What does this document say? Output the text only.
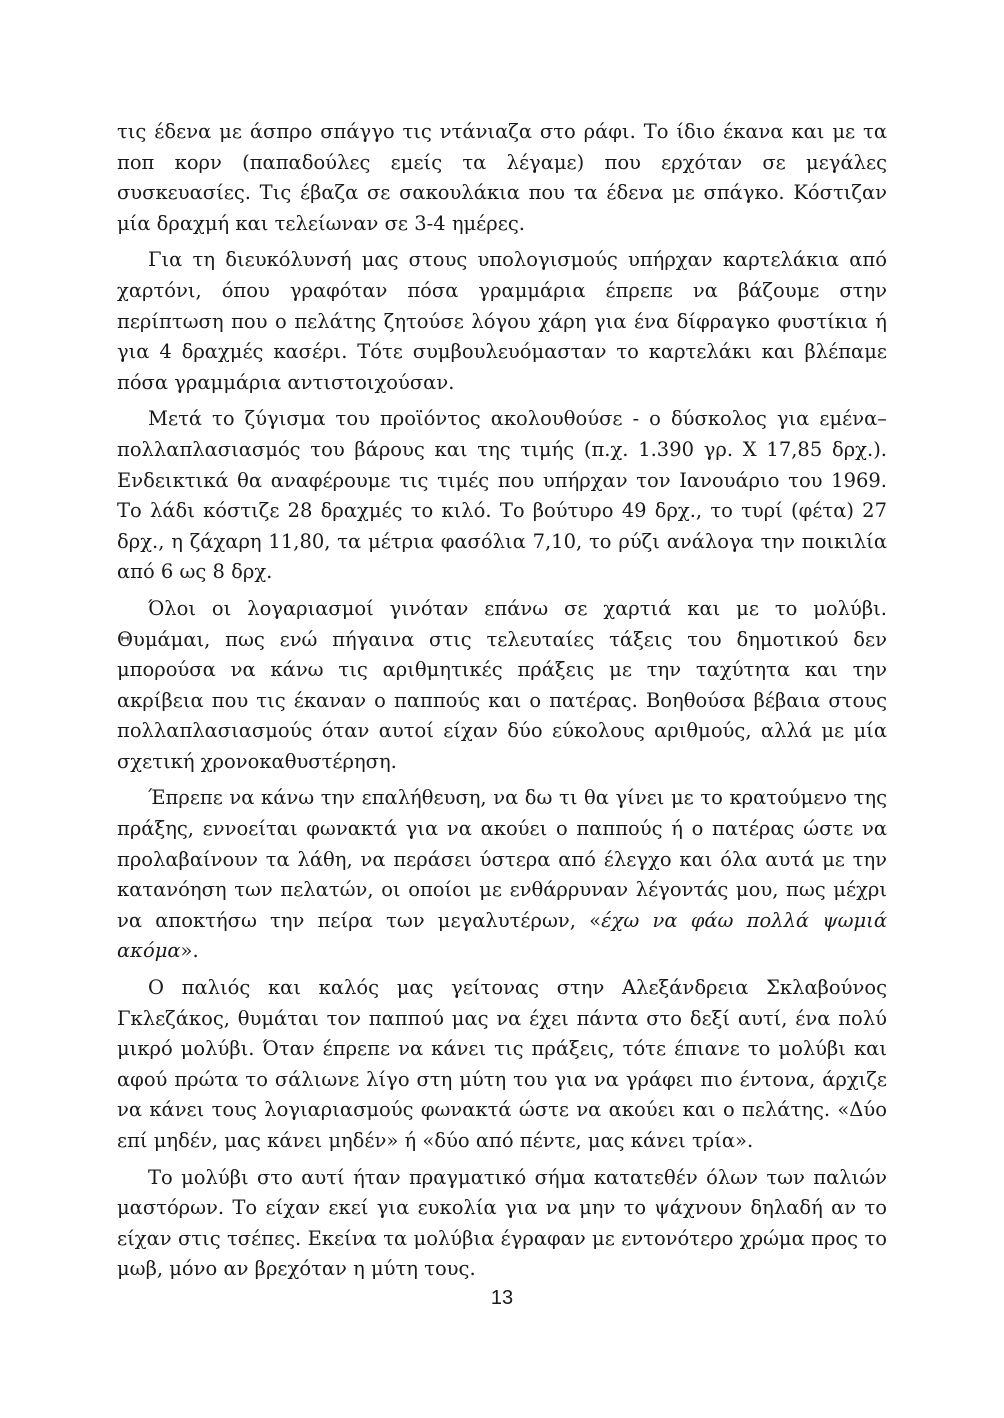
τις έδενα με άσπρο σπάγγο τις ντάνιαζα στο ράφι. Το ίδιο έκανα και με τα ποπ κορν (παπαδούλες εμείς τα λέγαμε) που ερχόταν σε μεγάλες συσκευασίες. Τις έβαζα σε σακουλάκια που τα έδενα με σπάγκο. Κόστιζαν μία δραχμή και τελείωναν σε 3-4 ημέρες.

Για τη διευκόλυνσή μας στους υπολογισμούς υπήρχαν καρτελάκια από χαρτόνι, όπου γραφόταν πόσα γραμμάρια έπρεπε να βάζουμε στην περίπτωση που ο πελάτης ζητούσε λόγου χάρη για ένα δίφραγκο φυστίκια ή για 4 δραχμές κασέρι. Τότε συμβουλευόμασταν το καρτελάκι και βλέπαμε πόσα γραμμάρια αντιστοιχούσαν.

Μετά το ζύγισμα του προϊόντος ακολουθούσε - ο δύσκολος για εμένα– πολλαπλασιασμός του βάρους και της τιμής (π.χ. 1.390 γρ. Χ 17,85 δρχ.). Ενδεικτικά θα αναφέρουμε τις τιμές που υπήρχαν τον Ιανουάριο του 1969. Το λάδι κόστιζε 28 δραχμές το κιλό. Το βούτυρο 49 δρχ., το τυρί (φέτα) 27 δρχ., η ζάχαρη 11,80, τα μέτρια φασόλια 7,10, το ρύζι ανάλογα την ποικιλία από 6 ως 8 δρχ.

Όλοι οι λογαριασμοί γινόταν επάνω σε χαρτιά και με το μολύβι. Θυμάμαι, πως ενώ πήγαινα στις τελευταίες τάξεις του δημοτικού δεν μπορούσα να κάνω τις αριθμητικές πράξεις με την ταχύτητα και την ακρίβεια που τις έκαναν ο παππούς και ο πατέρας. Βοηθούσα βέβαια στους πολλαπλασιασμούς όταν αυτοί είχαν δύο εύκολους αριθμούς, αλλά με μία σχετική χρονοκαθυστέρηση.

Έπρεπε να κάνω την επαλήθευση, να δω τι θα γίνει με το κρατούμενο της πράξης, εννοείται φωνακτά για να ακούει ο παππούς ή ο πατέρας ώστε να προλαβαίνουν τα λάθη, να περάσει ύστερα από έλεγχο και όλα αυτά με την κατανόηση των πελατών, οι οποίοι με ενθάρρυναν λέγοντάς μου, πως μέχρι να αποκτήσω την πείρα των μεγαλυτέρων, «έχω να φάω πολλά ψωμιά ακόμα».

Ο παλιός και καλός μας γείτονας στην Αλεξάνδρεια Σκλαβούνος Γκλεζάκος, θυμάται τον παππού μας να έχει πάντα στο δεξί αυτί, ένα πολύ μικρό μολύβι. Όταν έπρεπε να κάνει τις πράξεις, τότε έπιανε το μολύβι και αφού πρώτα το σάλιωνε λίγο στη μύτη του για να γράφει πιο έντονα, άρχιζε να κάνει τους λογιαριασμούς φωνακτά ώστε να ακούει και ο πελάτης. «Δύο επί μηδέν, μας κάνει μηδέν» ή «δύο από πέντε, μας κάνει τρία».

Το μολύβι στο αυτί ήταν πραγματικό σήμα κατατεθέν όλων των παλιών μαστόρων. Το είχαν εκεί για ευκολία για να μην το ψάχνουν δηλαδή αν το είχαν στις τσέπες. Εκείνα τα μολύβια έγραφαν με εντονότερο χρώμα προς το μωβ, μόνο αν βρεχόταν η μύτη τους.

13
